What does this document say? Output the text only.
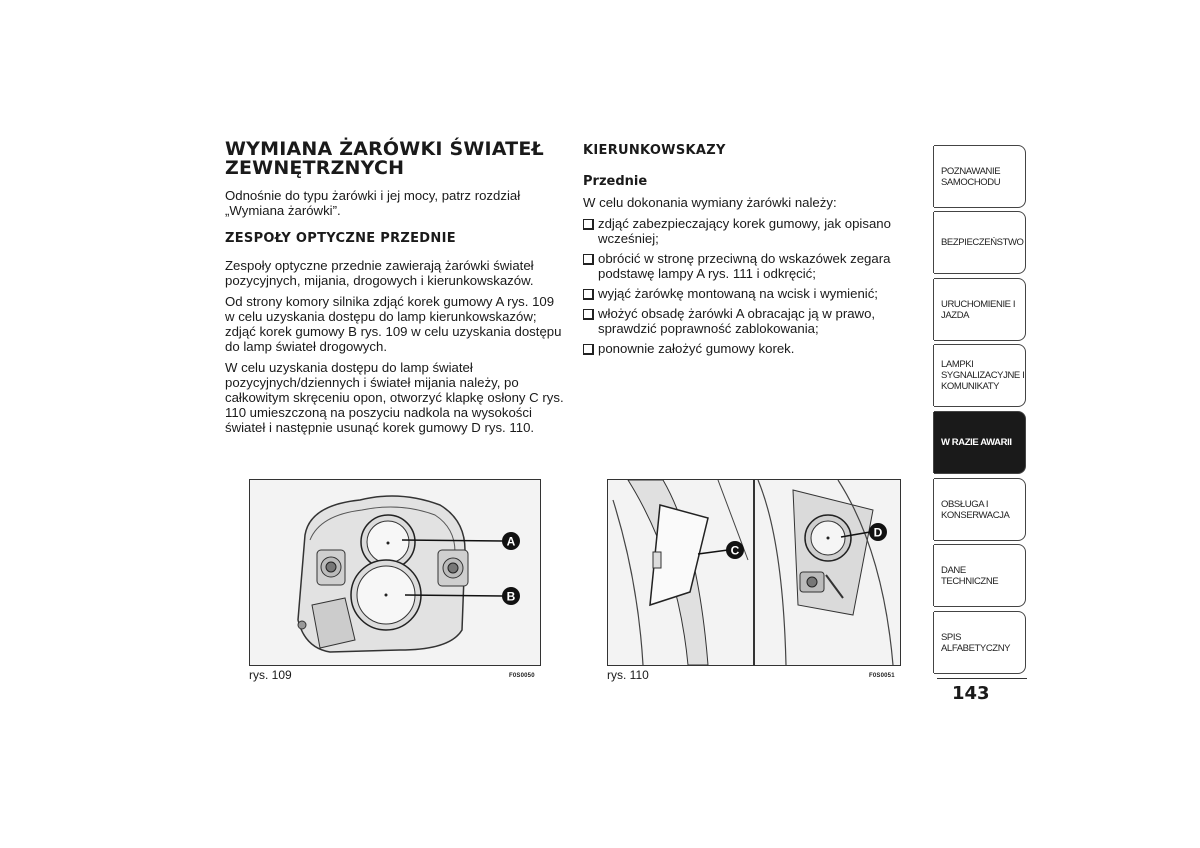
WYMIANA ŻARÓWKI ŚWIATEŁ
ZEWNĘTRZNYCH

Odnośnie do typu żarówki i jej mocy, patrz rozdział „Wymiana żarówki”.

ZESPOŁY OPTYCZNE PRZEDNIE

Zespoły optyczne przednie zawierają żarówki świateł pozycyjnych, mijania, drogowych i kierunkowskazów.

Od strony komory silnika zdjąć korek gumowy A rys. 109 w celu uzyskania dostępu do lamp kierunkowskazów; zdjąć korek gumowy B rys. 109 w celu uzyskania dostępu do lamp świateł drogowych.

W celu uzyskania dostępu do lamp świateł pozycyjnych/dziennych i świateł mijania należy, po całkowitym skręceniu opon, otworzyć klapkę osłony C rys. 110 umieszczoną na poszyciu nadkola na wysokości świateł i następnie usunąć korek gumowy D rys. 110.

KIERUNKOWSKAZY
Przednie

W celu dokonania wymiany żarówki należy:

zdjąć zabezpieczający korek gumowy, jak opisano wcześniej;
obrócić w stronę przeciwną do wskazówek zegara podstawę lampy A rys. 111 i odkręcić;
wyjąć żarówkę montowaną na wcisk i wymienić;
włożyć obsadę żarówki A obracając ją w prawo, sprawdzić poprawność zablokowania;
ponownie założyć gumowy korek.
A
B
rys. 109	F0S0050
C
D
rys. 110	F0S0051
POZNAWANIE SAMOCHODU
BEZPIECZEŃSTWO
URUCHOMIENIE I JAZDA
LAMPKI SYGNALIZACYJNE I KOMUNIKATY
W RAZIE AWARII
OBSŁUGA I KONSERWACJA
DANE TECHNICZNE
SPIS ALFABETYCZNY
143
